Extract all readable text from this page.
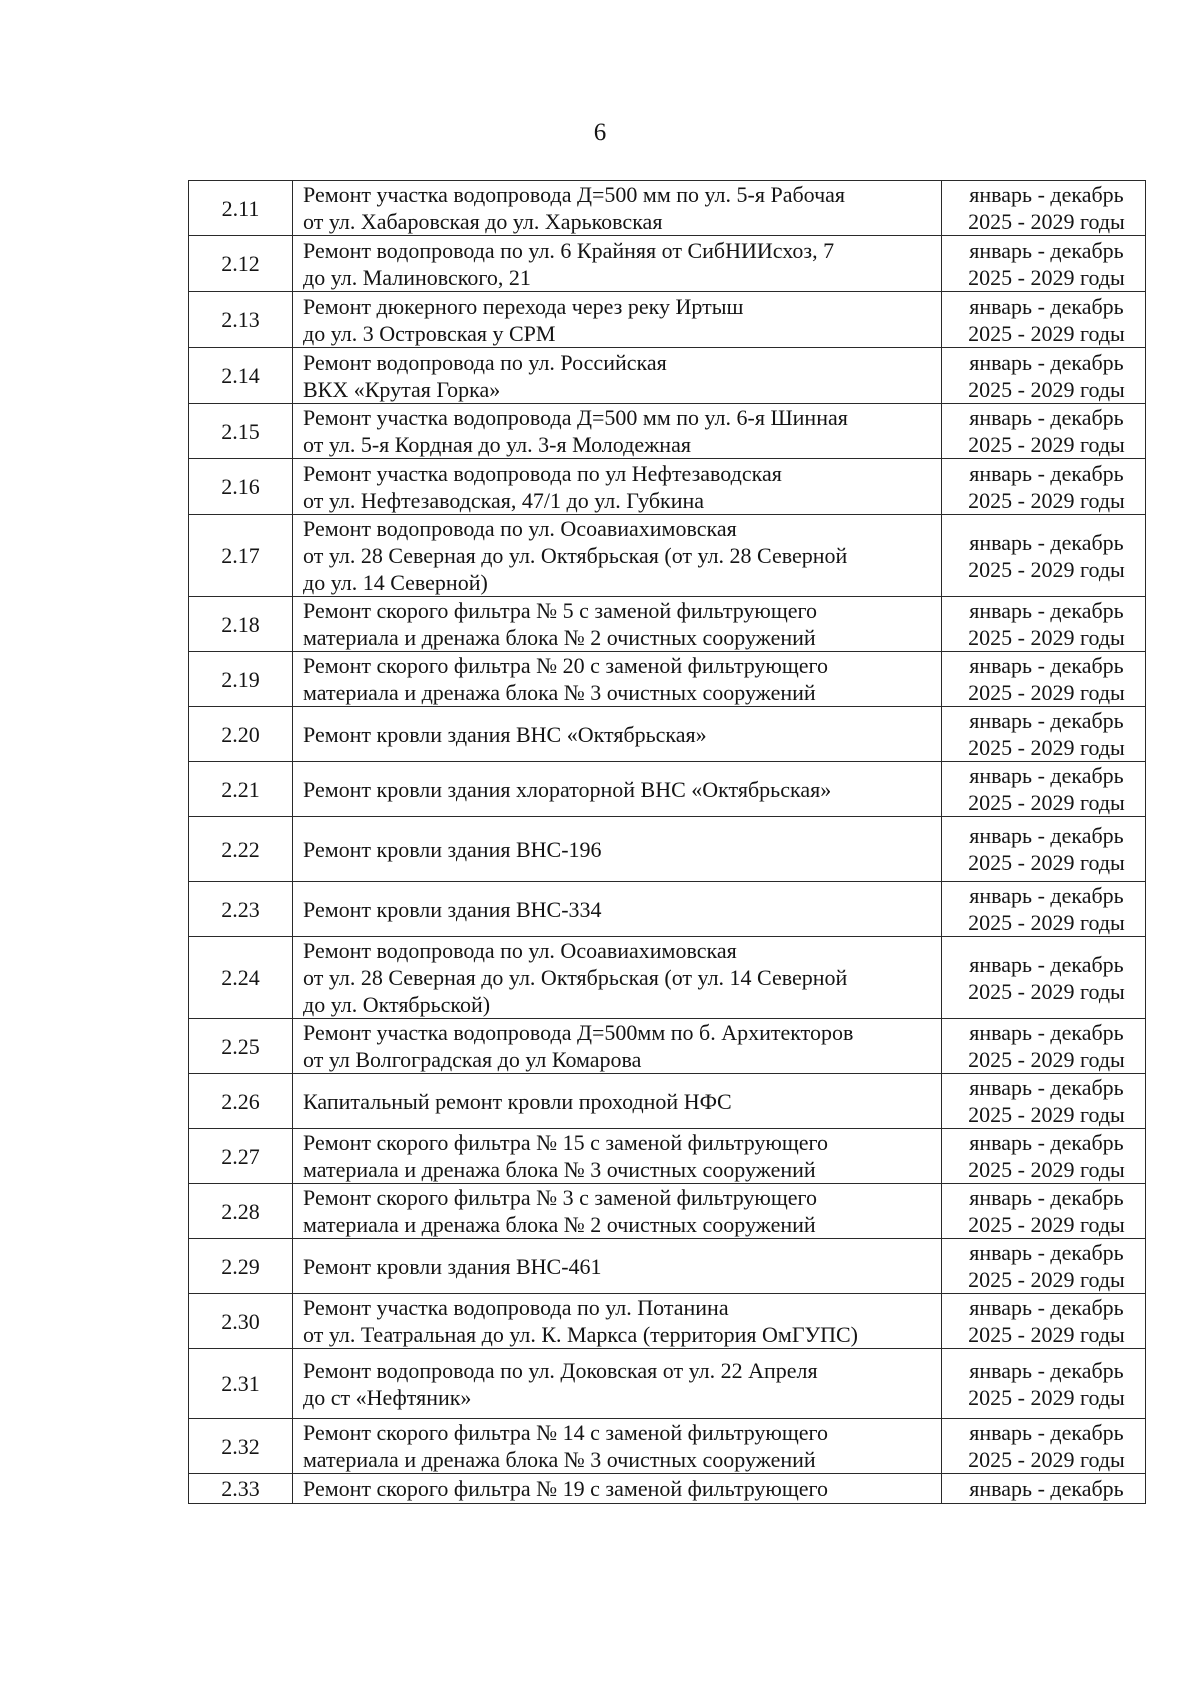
6
2.11	Ремонт участка водопровода Д=500 мм по ул. 5-я Рабочая
от ул. Хабаровская до ул. Харьковская	январь - декабрь
2025 - 2029 годы

2.12	Ремонт водопровода по ул. 6 Крайняя от СибНИИсхоз, 7
до ул. Малиновского, 21	январь - декабрь
2025 - 2029 годы

2.13	Ремонт дюкерного перехода через реку Иртыш
до ул. 3 Островская у СРМ	январь - декабрь
2025 - 2029 годы

2.14	Ремонт водопровода по ул. Российская
ВКХ «Крутая Горка»	январь - декабрь
2025 - 2029 годы

2.15	Ремонт участка водопровода Д=500 мм по ул. 6-я Шинная
от ул. 5-я Кордная до ул. 3-я Молодежная	январь - декабрь
2025 - 2029 годы

2.16	Ремонт участка водопровода по ул Нефтезаводская
от ул. Нефтезаводская, 47/1 до ул. Губкина	январь - декабрь
2025 - 2029 годы

2.17	Ремонт водопровода по ул. Осоавиахимовская
от ул. 28 Северная до ул. Октябрьская (от ул. 28 Северной
до ул. 14 Северной)	январь - декабрь
2025 - 2029 годы

2.18	Ремонт скорого фильтра № 5 с заменой фильтрующего
материала и дренажа блока № 2 очистных сооружений	январь - декабрь
2025 - 2029 годы

2.19	Ремонт скорого фильтра № 20 с заменой фильтрующего
материала и дренажа блока № 3 очистных сооружений	январь - декабрь
2025 - 2029 годы

2.20	Ремонт кровли здания ВНС «Октябрьская»	январь - декабрь
2025 - 2029 годы

2.21	Ремонт кровли здания хлораторной ВНС «Октябрьская»	январь - декабрь
2025 - 2029 годы

2.22	Ремонт кровли здания ВНС-196	январь - декабрь
2025 - 2029 годы

2.23	Ремонт кровли здания ВНС-334	январь - декабрь
2025 - 2029 годы

2.24	Ремонт водопровода по ул. Осоавиахимовская
от ул. 28 Северная до ул. Октябрьская (от ул. 14 Северной
до ул. Октябрьской)	январь - декабрь
2025 - 2029 годы

2.25	Ремонт участка водопровода Д=500мм по б. Архитекторов
от ул Волгоградская до ул Комарова	январь - декабрь
2025 - 2029 годы

2.26	Капитальный ремонт кровли проходной НФС	январь - декабрь
2025 - 2029 годы

2.27	Ремонт скорого фильтра № 15 с заменой фильтрующего
материала и дренажа блока № 3 очистных сооружений	январь - декабрь
2025 - 2029 годы

2.28	Ремонт скорого фильтра № 3 с заменой фильтрующего
материала и дренажа блока № 2 очистных сооружений	январь - декабрь
2025 - 2029 годы

2.29	Ремонт кровли здания ВНС-461	январь - декабрь
2025 - 2029 годы

2.30	Ремонт участка водопровода по ул. Потанина
от ул. Театральная до ул. К. Маркса (территория ОмГУПС)	январь - декабрь
2025 - 2029 годы

2.31	Ремонт водопровода по ул. Доковская от ул. 22 Апреля
до ст «Нефтяник»	январь - декабрь
2025 - 2029 годы

2.32	Ремонт скорого фильтра № 14 с заменой фильтрующего
материала и дренажа блока № 3 очистных сооружений	январь - декабрь
2025 - 2029 годы

2.33	Ремонт скорого фильтра № 19 с заменой фильтрующего	январь - декабрь
